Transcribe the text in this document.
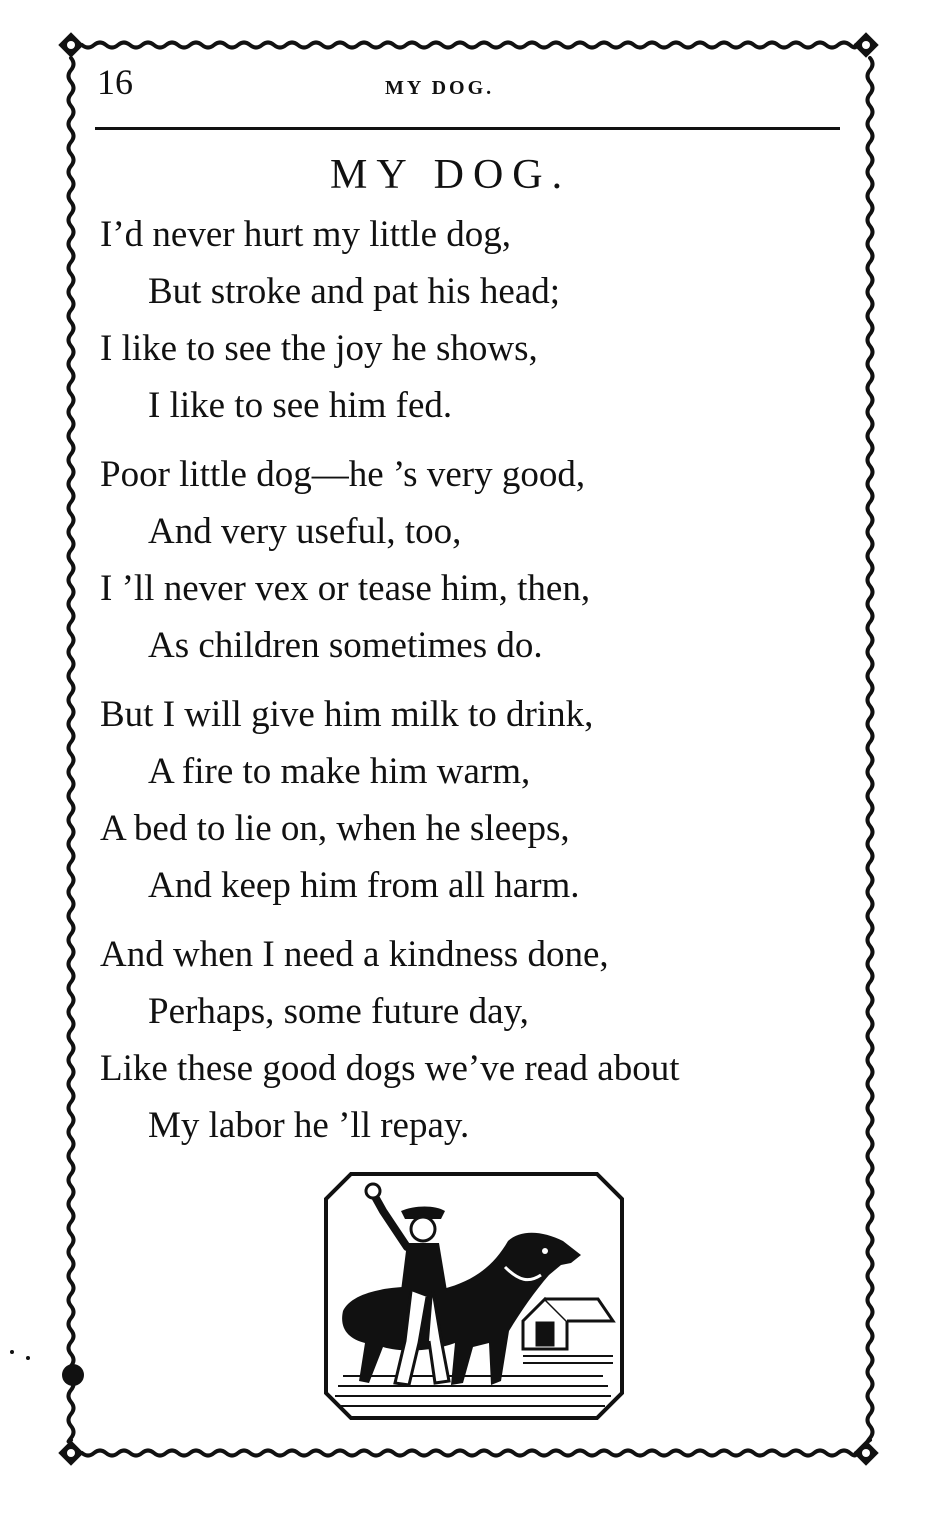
16	MY DOG.
MY DOG.
I’d never hurt my little dog,
But stroke and pat his head;
I like to see the joy he shows,
I like to see him fed.
Poor little dog—he ’s very good,
And very useful, too,
I ’ll never vex or tease him, then,
As children sometimes do.
But I will give him milk to drink,
A fire to make him warm,
A bed to lie on, when he sleeps,
And keep him from all harm.
And when I need a kindness done,
Perhaps, some future day,
Like these good dogs we’ve read about
My labor he ’ll repay.
